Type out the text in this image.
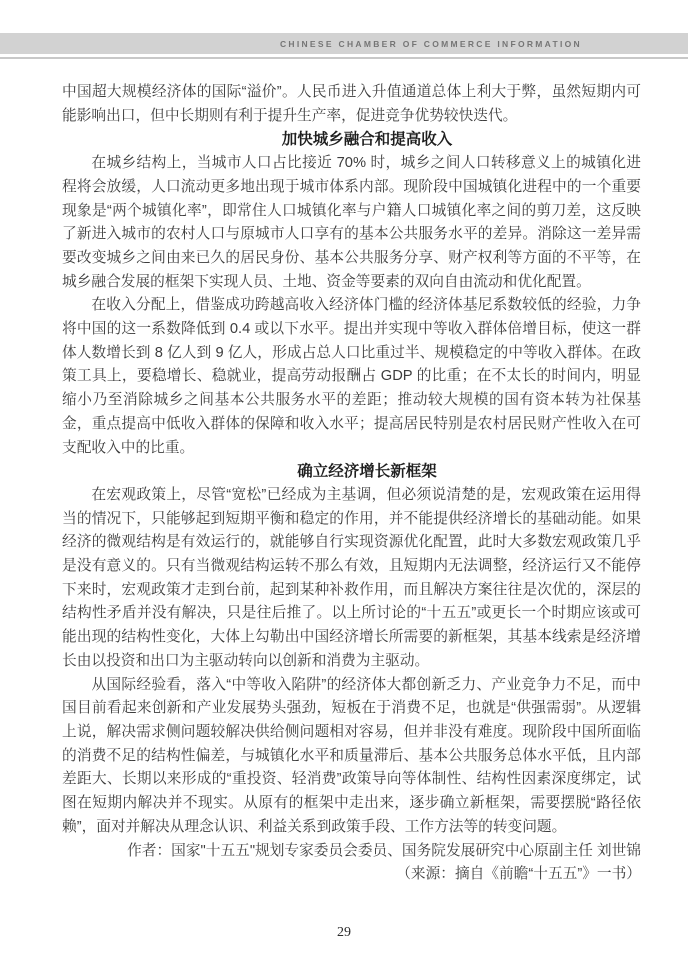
CHINESE CHAMBER OF COMMERCE INFORMATION

中国超大规模经济体的国际“溢价”。人民币进入升值通道总体上利大于弊，虽然短期内可能影响出口，但中长期则有利于提升生产率，促进竞争优势较快迭代。

加快城乡融合和提高收入

在城乡结构上，当城市人口占比接近 70% 时，城乡之间人口转移意义上的城镇化进程将会放缓，人口流动更多地出现于城市体系内部。现阶段中国城镇化进程中的一个重要现象是“两个城镇化率”，即常住人口城镇化率与户籍人口城镇化率之间的剪刀差，这反映了新进入城市的农村人口与原城市人口享有的基本公共服务水平的差异。消除这一差异需要改变城乡之间由来已久的居民身份、基本公共服务分享、财产权利等方面的不平等，在城乡融合发展的框架下实现人员、土地、资金等要素的双向自由流动和优化配置。

在收入分配上，借鉴成功跨越高收入经济体门槛的经济体基尼系数较低的经验，力争将中国的这一系数降低到 0.4 或以下水平。提出并实现中等收入群体倍增目标，使这一群体人数增长到 8 亿人到 9 亿人，形成占总人口比重过半、规模稳定的中等收入群体。在政策工具上，要稳增长、稳就业，提高劳动报酬占 GDP 的比重；在不太长的时间内，明显缩小乃至消除城乡之间基本公共服务水平的差距；推动较大规模的国有资本转为社保基金，重点提高中低收入群体的保障和收入水平；提高居民特别是农村居民财产性收入在可支配收入中的比重。

确立经济增长新框架

在宏观政策上，尽管“宽松”已经成为主基调，但必须说清楚的是，宏观政策在运用得当的情况下，只能够起到短期平衡和稳定的作用，并不能提供经济增长的基础动能。如果经济的微观结构是有效运行的，就能够自行实现资源优化配置，此时大多数宏观政策几乎是没有意义的。只有当微观结构运转不那么有效，且短期内无法调整，经济运行又不能停下来时，宏观政策才走到台前，起到某种补救作用，而且解决方案往往是次优的，深层的结构性矛盾并没有解决，只是往后推了。以上所讨论的“十五五”或更长一个时期应该或可能出现的结构性变化，大体上勾勒出中国经济增长所需要的新框架，其基本线索是经济增长由以投资和出口为主驱动转向以创新和消费为主驱动。

从国际经验看，落入“中等收入陷阱”的经济体大都创新乏力、产业竞争力不足，而中国目前看起来创新和产业发展势头强劲，短板在于消费不足，也就是“供强需弱”。从逻辑上说，解决需求侧问题较解决供给侧问题相对容易，但并非没有难度。现阶段中国所面临的消费不足的结构性偏差，与城镇化水平和质量滞后、基本公共服务总体水平低，且内部差距大、长期以来形成的“重投资、轻消费”政策导向等体制性、结构性因素深度绑定，试图在短期内解决并不现实。从原有的框架中走出来，逐步确立新框架，需要摆脱“路径依赖”，面对并解决从理念认识、利益关系到政策手段、工作方法等的转变问题。

作者：国家"十五五"规划专家委员会委员、国务院发展研究中心原副主任 刘世锦

（来源：摘自《前瞻“十五五”》一书）

29
